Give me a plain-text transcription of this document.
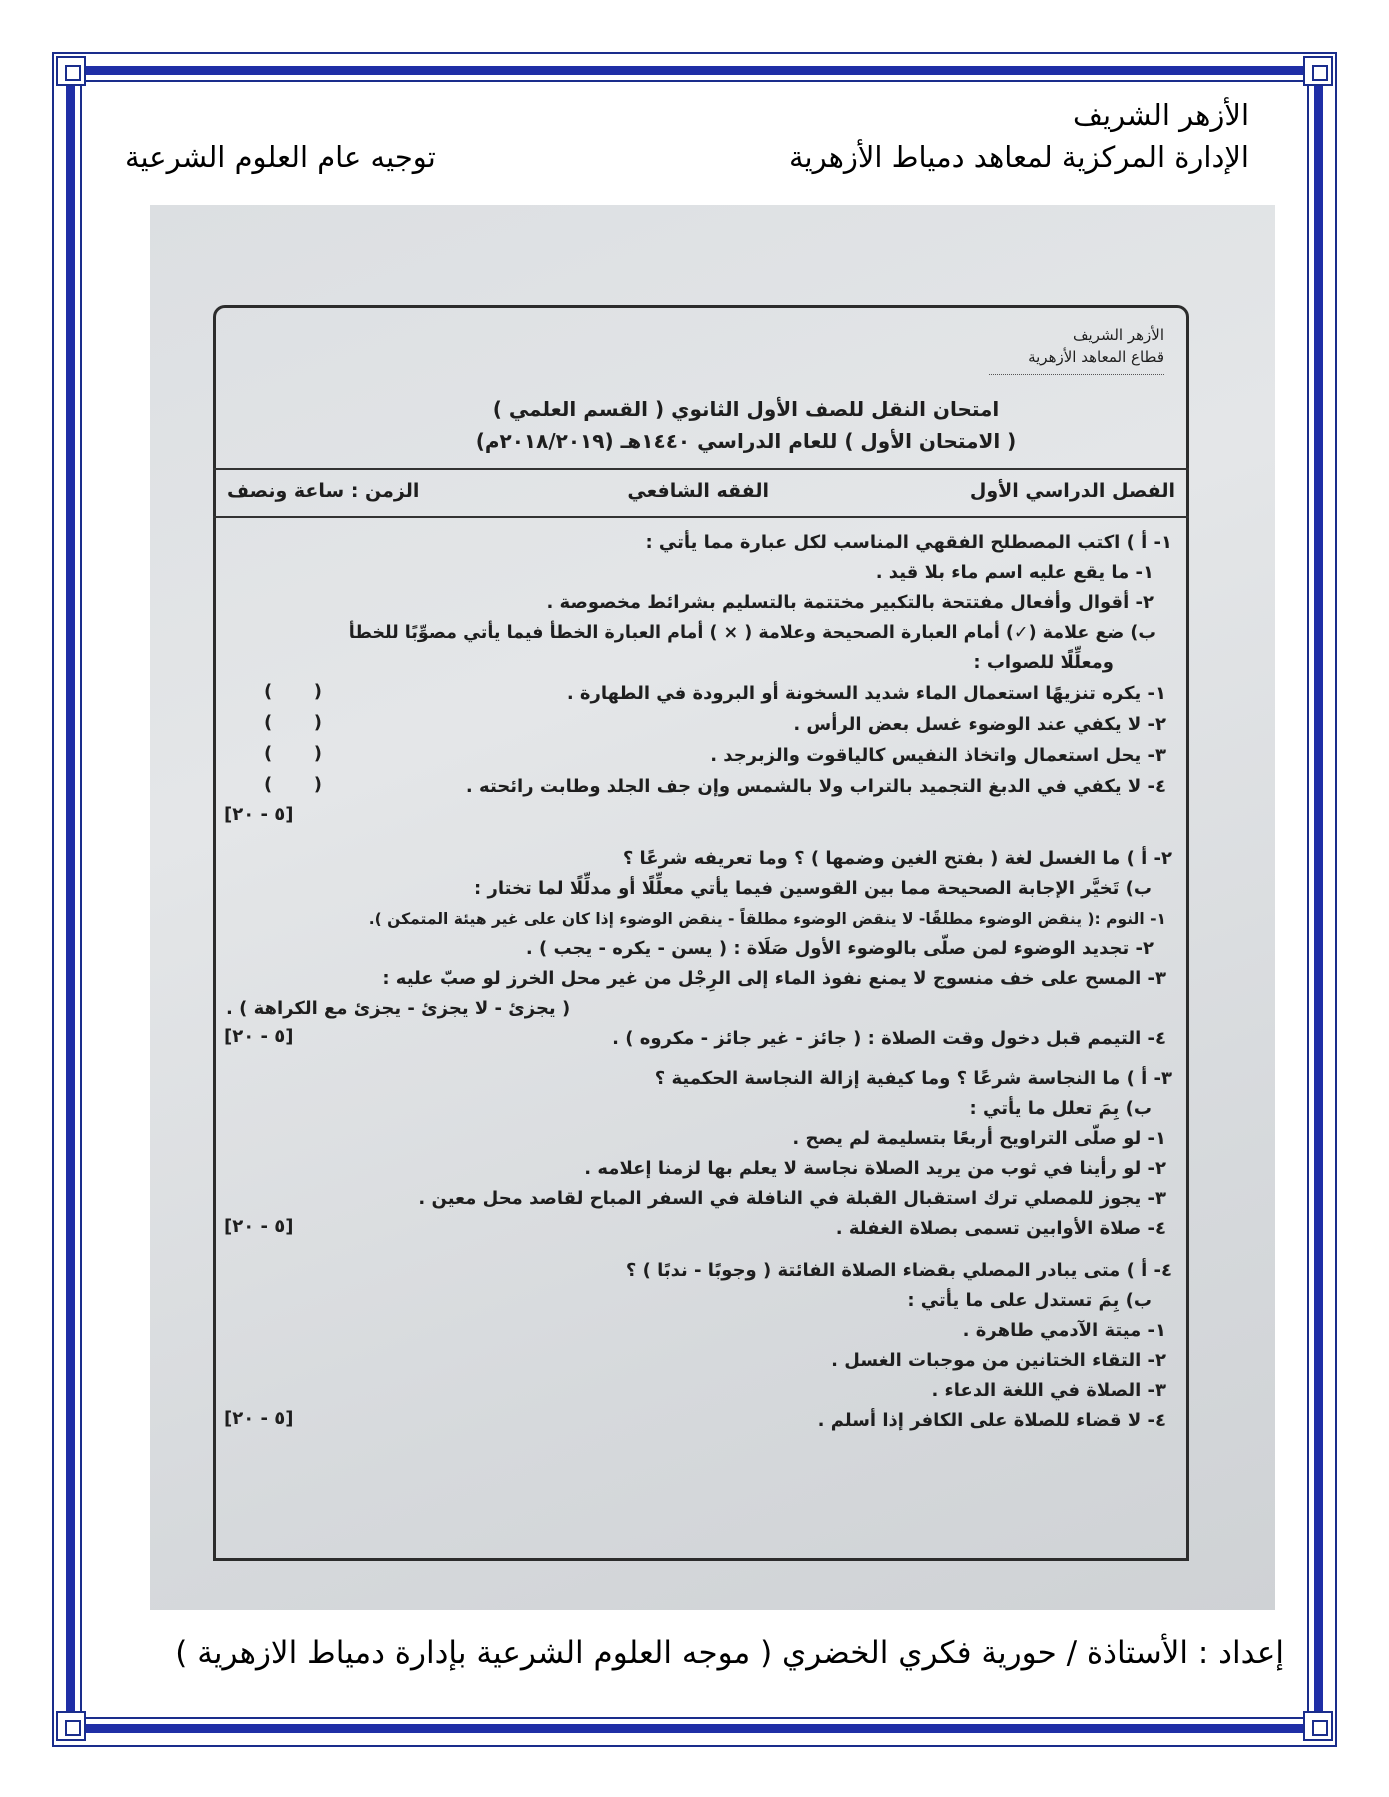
الأزهر الشريف
الإدارة المركزية لمعاهد دمياط الأزهرية
توجيه عام العلوم الشرعية
الأزهر الشريف
قطاع المعاهد الأزهرية
امتحان النقل للصف الأول الثانوي ( القسم العلمي )
( الامتحان الأول ) للعام الدراسي ١٤٤٠هـ (٢٠١٨/٢٠١٩م)
الفصل الدراسي الأول
الفقه الشافعي
الزمن : ساعة ونصف
١- أ ) اكتب المصطلح الفقهي المناسب لكل عبارة مما يأتي :
١- ما يقع عليه اسم ماء بلا قيد .
٢- أقوال وأفعال مفتتحة بالتكبير مختتمة بالتسليم بشرائط مخصوصة .
ب) ضع علامة (✓) أمام العبارة الصحيحة وعلامة ( × ) أمام العبارة الخطأ فيما يأتي مصوِّبًا للخطأ
ومعلِّلًا للصواب :
١- يكره تنزيهًا استعمال الماء شديد السخونة أو البرودة في الطهارة .
٢- لا يكفي عند الوضوء غسل بعض الرأس .
٣- يحل استعمال واتخاذ النفيس كالياقوت والزبرجد .
٤- لا يكفي في الدبغ التجميد بالتراب ولا بالشمس وإن جف الجلد وطابت رائحته .
(
)
(
)
(
)
(
)
[٥ - ٢٠]
٢- أ ) ما الغسل لغة ( بفتح الغين وضمها ) ؟ وما تعريفه شرعًا ؟
ب) تَخيَّر الإجابة الصحيحة مما بين القوسين فيما يأتي معلِّلًا أو مدلِّلًا لما تختار :
١- النوم :( ينقض الوضوء مطلقًا- لا ينقض الوضوء مطلقاً - ينقض الوضوء إذا كان على غير هيئة المتمكن ).
٢- تجديد الوضوء لمن صلّى بالوضوء الأول صَلَاة : ( يسن - يكره - يجب ) .
٣- المسح على خف منسوج لا يمنع نفوذ الماء إلى الرِجْل من غير محل الخرز لو صبّ عليه :
( يجزئ - لا يجزئ - يجزئ مع الكراهة ) .
٤- التيمم قبل دخول وقت الصلاة : ( جائز - غير جائز - مكروه ) .
[٥ - ٢٠]
٣- أ ) ما النجاسة شرعًا ؟ وما كيفية إزالة النجاسة الحكمية ؟
ب) بِمَ تعلل ما يأتي :
١- لو صلّى التراويح أربعًا بتسليمة لم يصح .
٢- لو رأينا في ثوب من يريد الصلاة نجاسة لا يعلم بها لزمنا إعلامه .
٣- يجوز للمصلي ترك استقبال القبلة في النافلة في السفر المباح لقاصد محل معين .
٤- صلاة الأوابين تسمى بصلاة الغفلة .
[٥ - ٢٠]
٤- أ ) متى يبادر المصلي بقضاء الصلاة الفائتة ( وجوبًا - ندبًا ) ؟
ب) بِمَ تستدل على ما يأتي :
١- ميتة الآدمي طاهرة .
٢- التقاء الختانين من موجبات الغسل .
٣- الصلاة في اللغة الدعاء .
٤- لا قضاء للصلاة على الكافر إذا أسلم .
[٥ - ٢٠]
إعداد : الأستاذة / حورية فكري الخضري ( موجه العلوم الشرعية بإدارة دمياط الازهرية )
